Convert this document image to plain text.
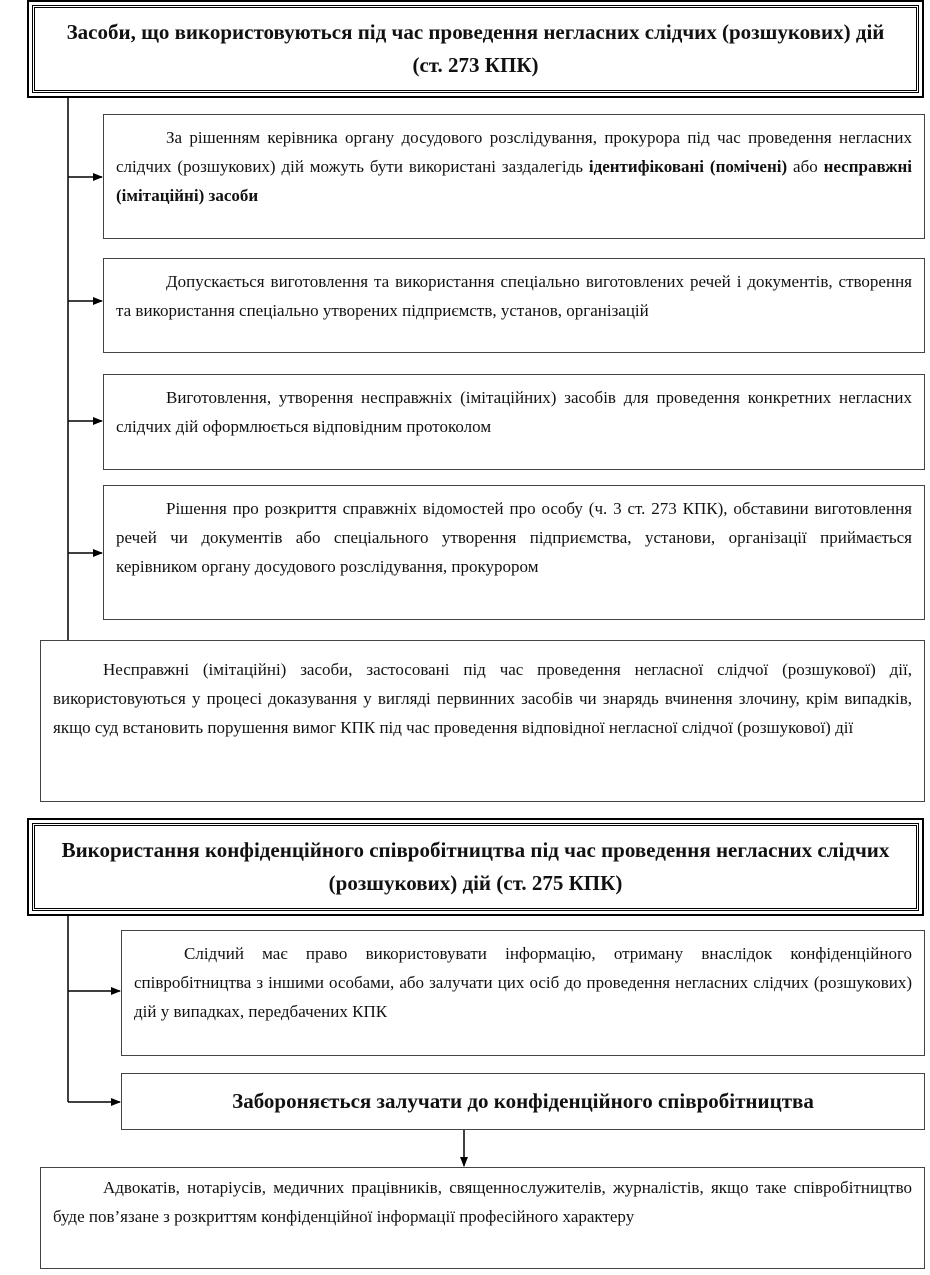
Засоби, що використовуються під час проведення негласних слідчих (розшукових) дій (ст. 273 КПК)

За рішенням керівника органу досудового розслідування, прокурора під час проведення негласних слідчих (розшукових) дій можуть бути використані заздалегідь ідентифіковані (помічені) або несправжні (імітаційні) засоби

Допускається виготовлення та використання спеціально виготовлених речей і документів, створення та використання спеціально утворених підприємств, установ, організацій

Виготовлення, утворення несправжніх (імітаційних) засобів для проведення конкретних негласних слідчих дій оформлюється відповідним протоколом

Рішення про розкриття справжніх відомостей про особу (ч. 3 ст. 273 КПК), обставини виготовлення речей чи документів або спеціального утворення підприємства, установи, організації приймається керівником органу досудового розслідування, прокурором

Несправжні (імітаційні) засоби, застосовані під час проведення негласної слідчої (розшукової) дії, використовуються у процесі доказування у вигляді первинних засобів чи знарядь вчинення злочину, крім випадків, якщо суд встановить порушення вимог КПК під час проведення відповідної негласної слідчої (розшукової) дії

Використання конфіденційного співробітництва під час проведення негласних слідчих (розшукових) дій (ст. 275 КПК)

Слідчий має право використовувати інформацію, отриману внаслідок конфіденційного співробітництва з іншими особами, або залучати цих осіб до проведення негласних слідчих (розшукових) дій у випадках, передбачених КПК

Забороняється залучати до конфіденційного співробітництва

Адвокатів, нотаріусів, медичних працівників, священнослужителів, журналістів, якщо таке співробітництво буде пов’язане з розкриттям конфіденційної інформації професійного характеру
